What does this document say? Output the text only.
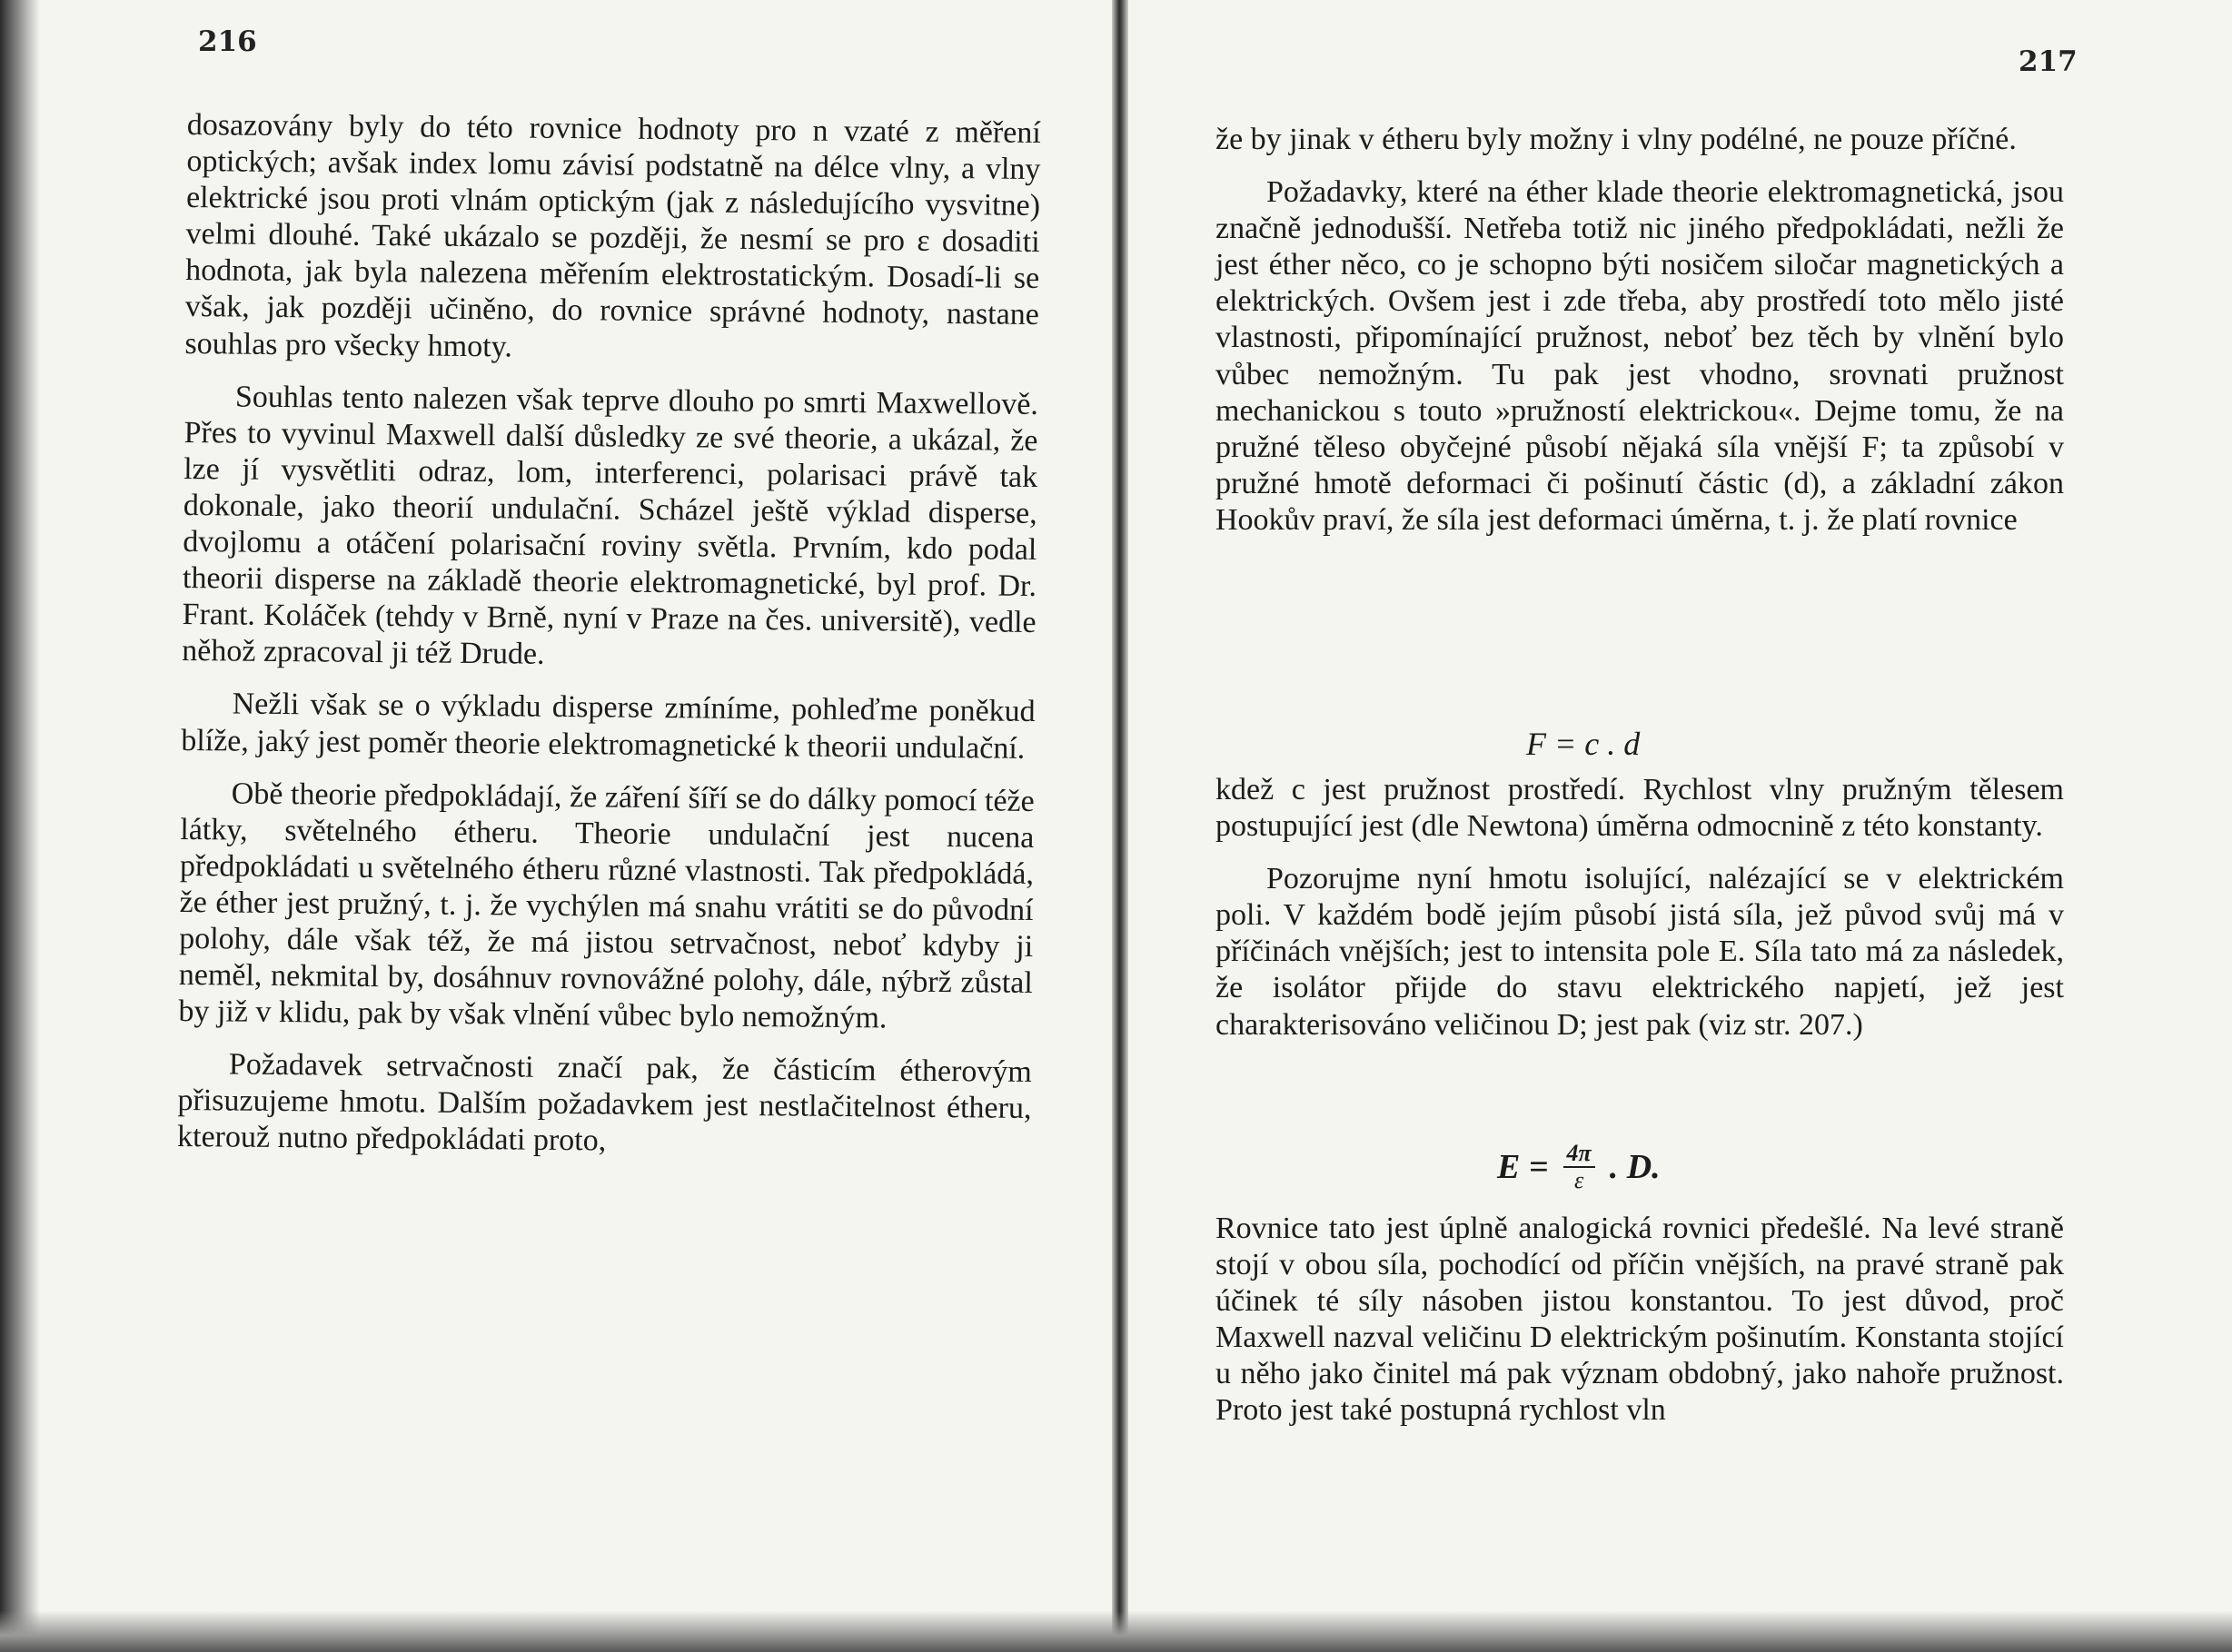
216

dosazovány byly do této rovnice hodnoty pro n vzaté z měření optických; avšak index lomu závisí podstatně na délce vlny, a vlny elektrické jsou proti vlnám optickým (jak z následujícího vysvitne) velmi dlouhé. Také ukázalo se později, že nesmí se pro ε dosaditi hodnota, jak byla nalezena měřením elektrostatickým. Dosadí-li se však, jak později učiněno, do rovnice správné hodnoty, nastane souhlas pro všecky hmoty.

Souhlas tento nalezen však teprve dlouho po smrti Maxwellově. Přes to vyvinul Maxwell další důsledky ze své theorie, a ukázal, že lze jí vysvětliti odraz, lom, interferenci, polarisaci právě tak dokonale, jako theorií undulační. Scházel ještě výklad disperse, dvojlomu a otáčení polarisační roviny světla. Prvním, kdo podal theorii disperse na základě theorie elektromagnetické, byl prof. Dr. Frant. Koláček (tehdy v Brně, nyní v Praze na čes. universitě), vedle něhož zpracoval ji též Drude.

Nežli však se o výkladu disperse zmíníme, pohleďme poněkud blíže, jaký jest poměr theorie elektromagnetické k theorii undulační.

Obě theorie předpokládají, že záření šíří se do dálky pomocí téže látky, světelného étheru. Theorie undulační jest nucena předpokládati u světelného étheru různé vlastnosti. Tak předpokládá, že éther jest pružný, t. j. že vychýlen má snahu vrátiti se do původní polohy, dále však též, že má jistou setrvačnost, neboť kdyby ji neměl, nekmital by, dosáhnuv rovnovážné polohy, dále, nýbrž zůstal by již v klidu, pak by však vlnění vůbec bylo nemožným.

Požadavek setrvačnosti značí pak, že částicím étherovým přisuzujeme hmotu. Dalším požadavkem jest nestlačitelnost étheru, kterouž nutno předpokládati proto,

217

že by jinak v étheru byly možny i vlny podélné, ne pouze příčné.

Požadavky, které na éther klade theorie elektromagnetická, jsou značně jednodušší. Netřeba totiž nic jiného předpokládati, nežli že jest éther něco, co je schopno býti nosičem siločar magnetických a elektrických. Ovšem jest i zde třeba, aby prostředí toto mělo jisté vlastnosti, připomínající pružnost, neboť bez těch by vlnění bylo vůbec nemožným. Tu pak jest vhodno, srovnati pružnost mechanickou s touto »pružností elektrickou«. Dejme tomu, že na pružné těleso obyčejné působí nějaká síla vnější F; ta způsobí v pružné hmotě deformaci či pošinutí částic (d), a základní zákon Hookův praví, že síla jest deformaci úměrna, t. j. že platí rovnice

F = c . d

kdež c jest pružnost prostředí. Rychlost vlny pružným tělesem postupující jest (dle Newtona) úměrna odmocnině z této konstanty.

Pozorujme nyní hmotu isolující, nalézající se v elektrickém poli. V každém bodě jejím působí jistá síla, jež původ svůj má v příčinách vnějších; jest to intensita pole E. Síla tato má za následek, že isolátor přijde do stavu elektrického napjetí, jež jest charakterisováno veličinou D; jest pak (viz str. 207.)

$E = \frac{4\pi}{\varepsilon}$ . D.

Rovnice tato jest úplně analogická rovnici předešlé. Na levé straně stojí v obou síla, pochodící od příčin vnějších, na pravé straně pak účinek té síly násoben jistou konstantou. To jest důvod, proč Maxwell nazval veličinu D elektrickým pošinutím. Konstanta stojící u něho jako činitel má pak význam obdobný, jako nahoře pružnost. Proto jest také postupná rychlost vln
